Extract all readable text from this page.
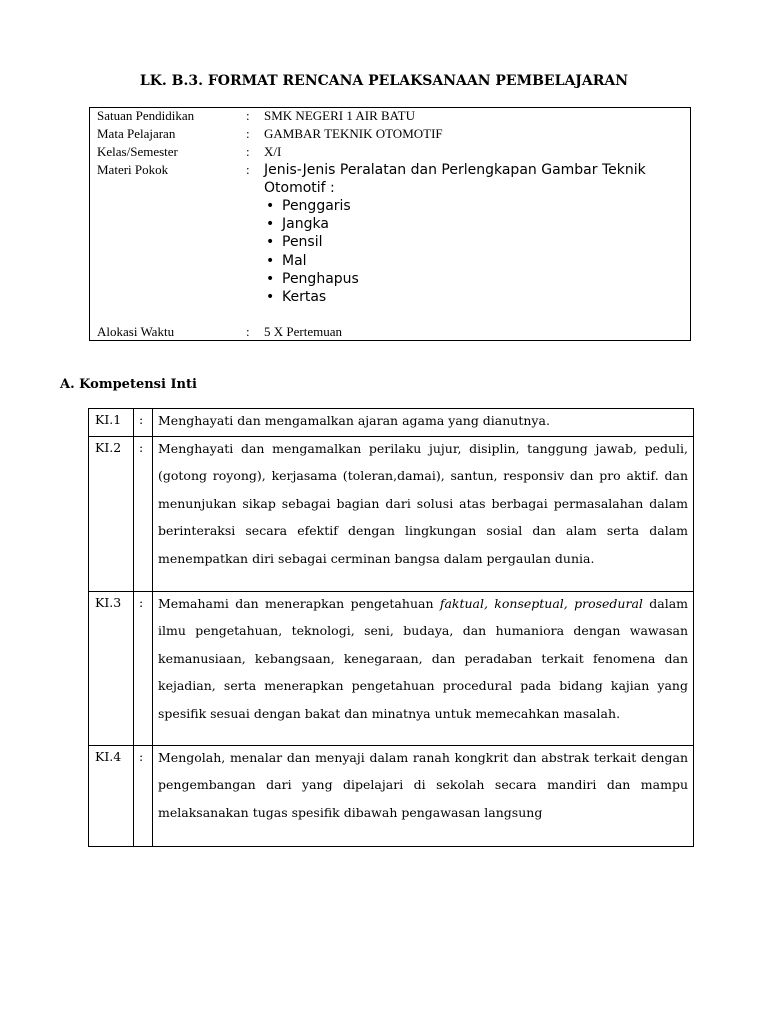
LK. B.3. FORMAT RENCANA PELAKSANAAN PEMBELAJARAN
Satuan Pendidikan	: SMK NEGERI 1 AIR BATU
Mata Pelajaran	: GAMBAR TEKNIK OTOMOTIF
Kelas/Semester	: X/I
Materi Pokok	: Jenis-Jenis Peralatan dan Perlengkapan Gambar Teknik Otomotif :
• Penggaris
• Jangka
• Pensil
• Mal
• Penghapus
• Kertas
Alokasi Waktu	: 5 X Pertemuan
A. Kompetensi Inti
KI.1	:	Menghayati dan mengamalkan ajaran agama yang dianutnya.

KI.2	:	Menghayati dan mengamalkan perilaku jujur, disiplin, tanggung jawab, peduli, (gotong royong), kerjasama (toleran,damai), santun, responsiv dan pro aktif. dan menunjukan sikap sebagai bagian dari solusi atas berbagai permasalahan dalam berinteraksi secara efektif dengan lingkungan sosial dan alam serta dalam menempatkan diri sebagai cerminan bangsa dalam pergaulan dunia.

KI.3	:	Memahami dan menerapkan pengetahuan faktual, konseptual, prosedural dalam ilmu pengetahuan, teknologi, seni, budaya, dan humaniora dengan wawasan kemanusiaan, kebangsaan, kenegaraan, dan peradaban terkait fenomena dan kejadian, serta menerapkan pengetahuan procedural pada bidang kajian yang spesifik sesuai dengan bakat dan minatnya untuk memecahkan masalah.

KI.4	:	Mengolah, menalar dan menyaji dalam ranah kongkrit dan abstrak terkait dengan pengembangan dari yang dipelajari di sekolah secara mandiri dan mampu melaksanakan tugas spesifik dibawah pengawasan langsung
